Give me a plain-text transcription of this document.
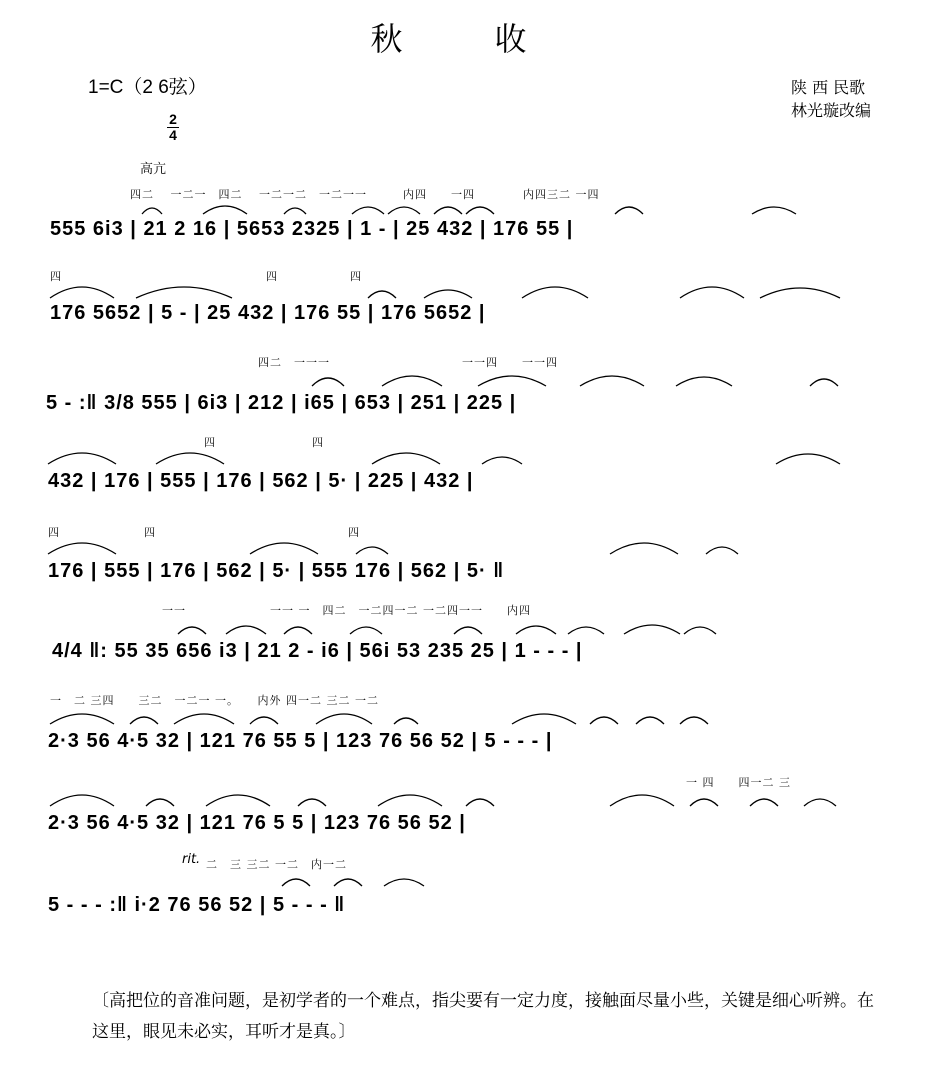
秋　收
1=C（2 6弦）
2
4
陕 西 民歌
林光璇改编
高亢
rit.
四二　 一二一　四二　 一二一二　一二一一　　　内四　　一四　　　　内四三二 一四
555 6i3 | 21 2 16 | 5653 2325 | 1 - | 25 432 | 176 55 |
四　　　　　　　　　　　　　　　　　四　　　　　　四
176 5652 | 5 - | 25 432 | 176 55 | 176 5652 |
　　　　　　　　　四二　一一一　　　　　　　　　　　一一四　　一一四
5 - :‖ 3/8 555 | 6i3 | 212 | i65 | 653 | 251 | 225 |
　　　　四　　　　　　　　四
432 | 176 | 555 | 176 | 562 | 5· | 225 | 432 |
四　　　　　　　四　　　　　　　　　　　　　　　　四
176 | 555 | 176 | 562 | 5· | 555 176 | 562 | 5· ‖
　一一　　　　　　　一一 一　四二　一二四一二 一二四一一　　内四
4/4 ‖: 55 35 656 i3 | 21 2 - i6 | 56i 53 235 25 | 1 - - - |
一　二 三四　　三二　一二一 一。　　内外 四一二 三二 一二
2·3 56 4·5 32 | 121 76 55 5 | 123 76 56 52 | 5 - - - |
　　　　　　　　　　　　　　　一 四　　四一二 三
2·3 56 4·5 32 | 121 76 5 5 | 123 76 56 52 |
二　三 三二 一二　内一二
5 - - - :‖ i·2 76 56 52 | 5 - - - ‖
〔高把位的音准问题，是初学者的一个难点，指尖要有一定力度，接触面尽量小些，关键是细心听辨。在这里，眼见未必实，耳听才是真。〕
